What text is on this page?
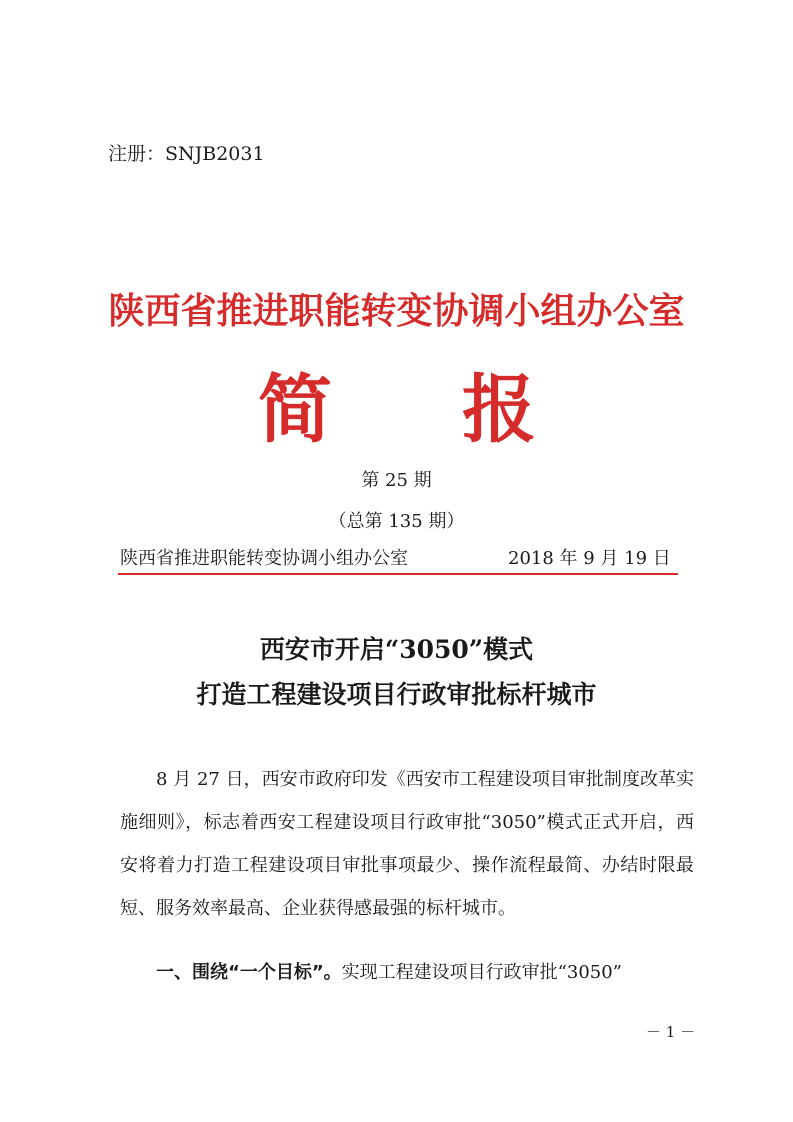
注册：SNJB2031
陕西省推进职能转变协调小组办公室
简 报
第 25 期
（总第 135 期）
陕西省推进职能转变协调小组办公室	2018 年 9 月 19 日
西安市开启“3050”模式
打造工程建设项目行政审批标杆城市
8 月 27 日，西安市政府印发《西安市工程建设项目审批制度改革实施细则》，标志着西安工程建设项目行政审批“3050”模式正式开启，西安将着力打造工程建设项目审批事项最少、操作流程最简、办结时限最短、服务效率最高、企业获得感最强的标杆城市。
一、围绕“一个目标”。实现工程建设项目行政审批“3050”
－ 1 －
